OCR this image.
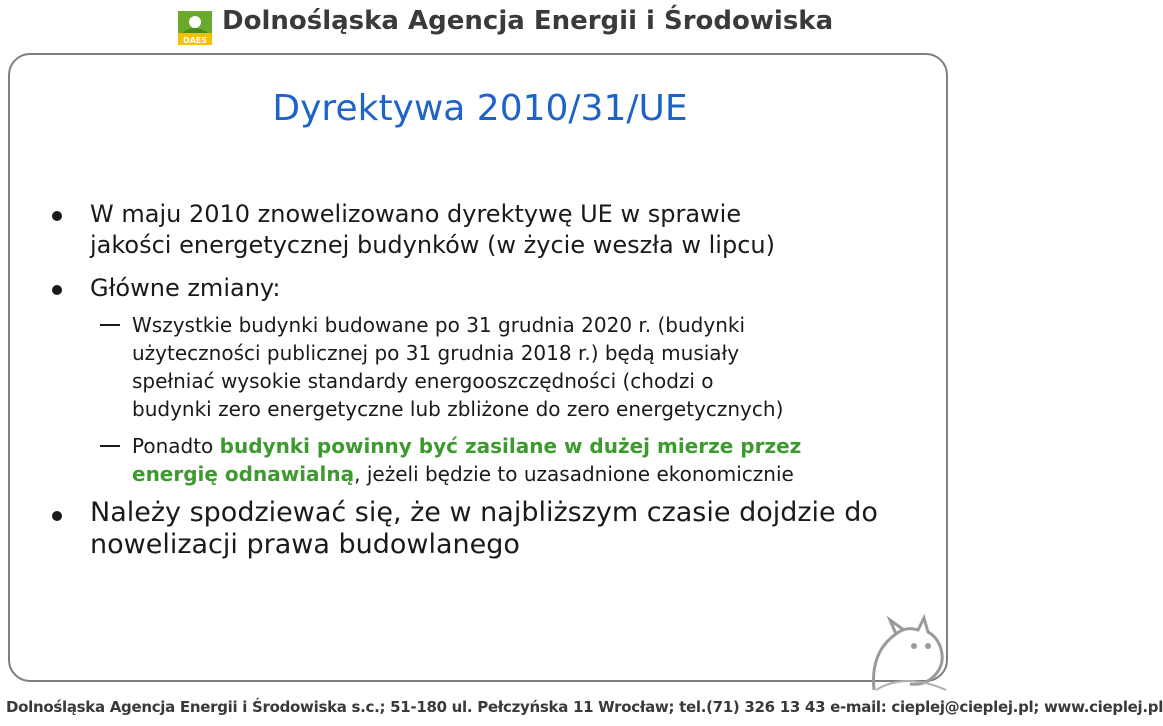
DAES
Dolnośląska Agencja Energii i Środowiska
Dyrektywa 2010/31/UE
W maju 2010 znowelizowano dyrektywę UE w sprawie
jakości energetycznej budynków (w życie weszła w lipcu)
Główne zmiany:
Wszystkie budynki budowane po 31 grudnia 2020 r. (budynki
użyteczności publicznej po 31 grudnia 2018 r.) będą musiały
spełniać wysokie standardy energooszczędności (chodzi o
budynki zero energetyczne lub zbliżone do zero energetycznych)
Ponadto budynki powinny być zasilane w dużej mierze przez
energię odnawialną, jeżeli będzie to uzasadnione ekonomicznie
Należy spodziewać się, że w najbliższym czasie dojdzie do
nowelizacji prawa budowlanego
Dolnośląska Agencja Energii i Środowiska s.c.; 51-180 ul. Pełczyńska 11 Wrocław; tel.(71) 326 13 43 e-mail: cieplej@cieplej.pl; www.cieplej.pl
